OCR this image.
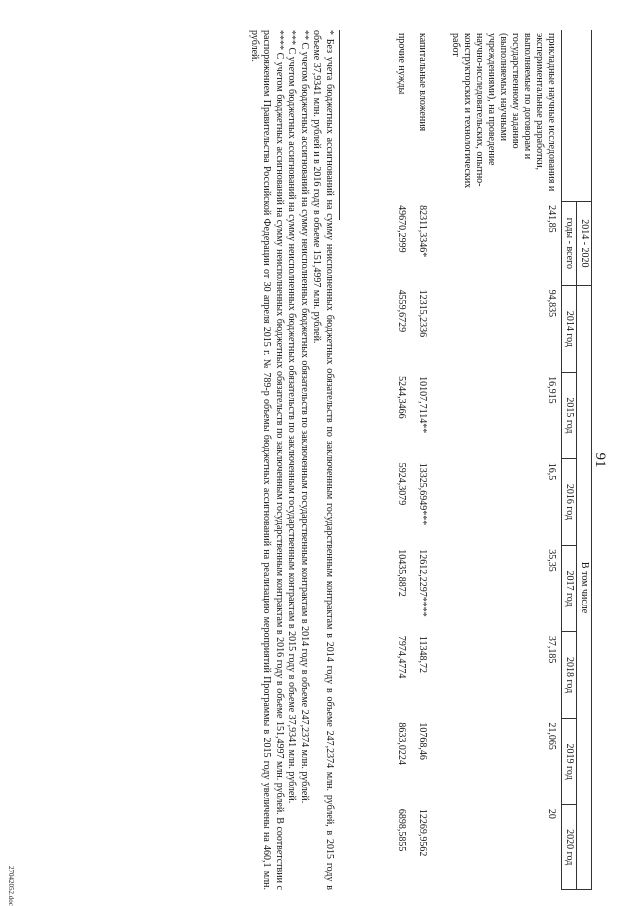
91
	2014 - 2020	В том числе						
	годы - всего	2014 год	2015 год	2016 год	2017 год	2018 год	2019 год	2020 год
прикладные научные исследования и экспериментальные разработки, выполняемые по договорам и государственному заданию (выполняемых научными учреждениями), на проведение научно-исследовательских, опытно-конструкторских и технологических работ	241,85	94,835	16,915	16,5	35,35	37,185	21,065	20
капитальные вложения	82311,3346*	12315,2336	10107,7114**	13325,6949***	12612,2297****	11348,72	10768,46	12269,9562
прочие нужды	49670,2999	4559,6729	5244,3466	5924,3079	10435,8872	7974,4774	8633,0224	6898,5855

* Без учета бюджетных ассигнований на сумму неисполненных бюджетных обязательств по заключенным государственным контрактам в 2014 году в объеме 247,2374 млн. рублей, в 2015 году в объеме 37,9341 млн. рублей и в 2016 году в объеме 151,4997 млн. рублей.

** С учетом бюджетных ассигнований на сумму неисполненных бюджетных обязательств по заключенным государственным контрактам в 2014 году в объеме 247,2374 млн. рублей.

*** С учетом бюджетных ассигнований на сумму неисполненных бюджетных обязательств по заключенным государственным контрактам в 2015 году в объеме 37,9341 млн. рублей.

**** С учетом бюджетных ассигнований на сумму неисполненных бюджетных обязательств по заключенным государственным контрактам в 2016 году в объеме 151,4997 млн. рублей. В соответствии с распоряжением Правительства Российской Федерации от 30 апреля 2015 г. № 789-р объемы бюджетных ассигнований на реализацию мероприятий Программы в 2015 году увеличены на 460,1 млн. рублей.

27042052.doc
